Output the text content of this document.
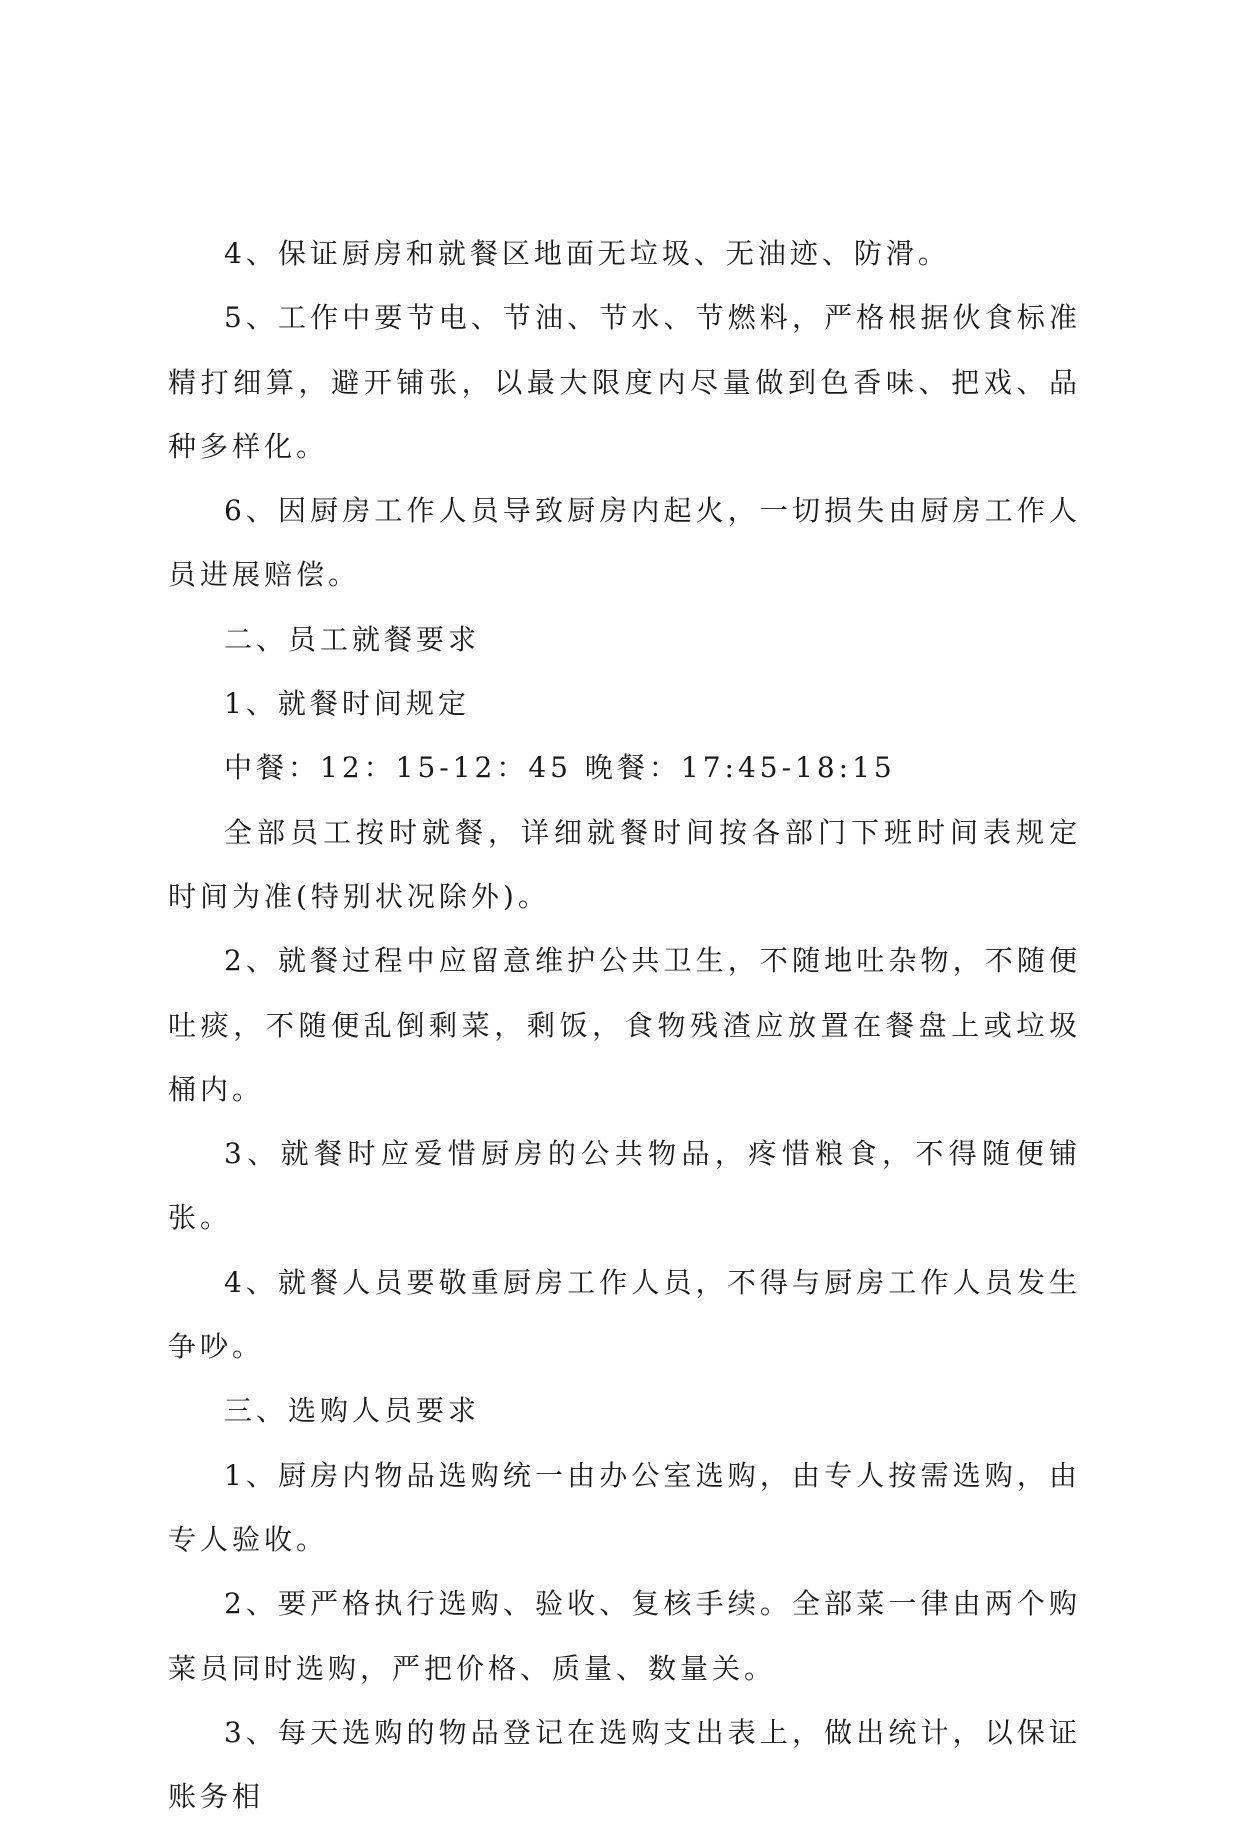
4、保证厨房和就餐区地面无垃圾、无油迹、防滑。

5、工作中要节电、节油、节水、节燃料，严格根据伙食标准精打细算，避开铺张，以最大限度内尽量做到色香味、把戏、品种多样化。

6、因厨房工作人员导致厨房内起火，一切损失由厨房工作人员进展赔偿。

二、员工就餐要求

1、就餐时间规定

中餐：12：15-12：45 晚餐：17:45-18:15

全部员工按时就餐，详细就餐时间按各部门下班时间表规定时间为准(特别状况除外)。

2、就餐过程中应留意维护公共卫生，不随地吐杂物，不随便吐痰，不随便乱倒剩菜，剩饭，食物残渣应放置在餐盘上或垃圾桶内。

3、就餐时应爱惜厨房的公共物品，疼惜粮食，不得随便铺张。

4、就餐人员要敬重厨房工作人员，不得与厨房工作人员发生争吵。

三、选购人员要求

1、厨房内物品选购统一由办公室选购，由专人按需选购，由专人验收。

2、要严格执行选购、验收、复核手续。全部菜一律由两个购菜员同时选购，严把价格、质量、数量关。

3、每天选购的物品登记在选购支出表上，做出统计，以保证账务相
